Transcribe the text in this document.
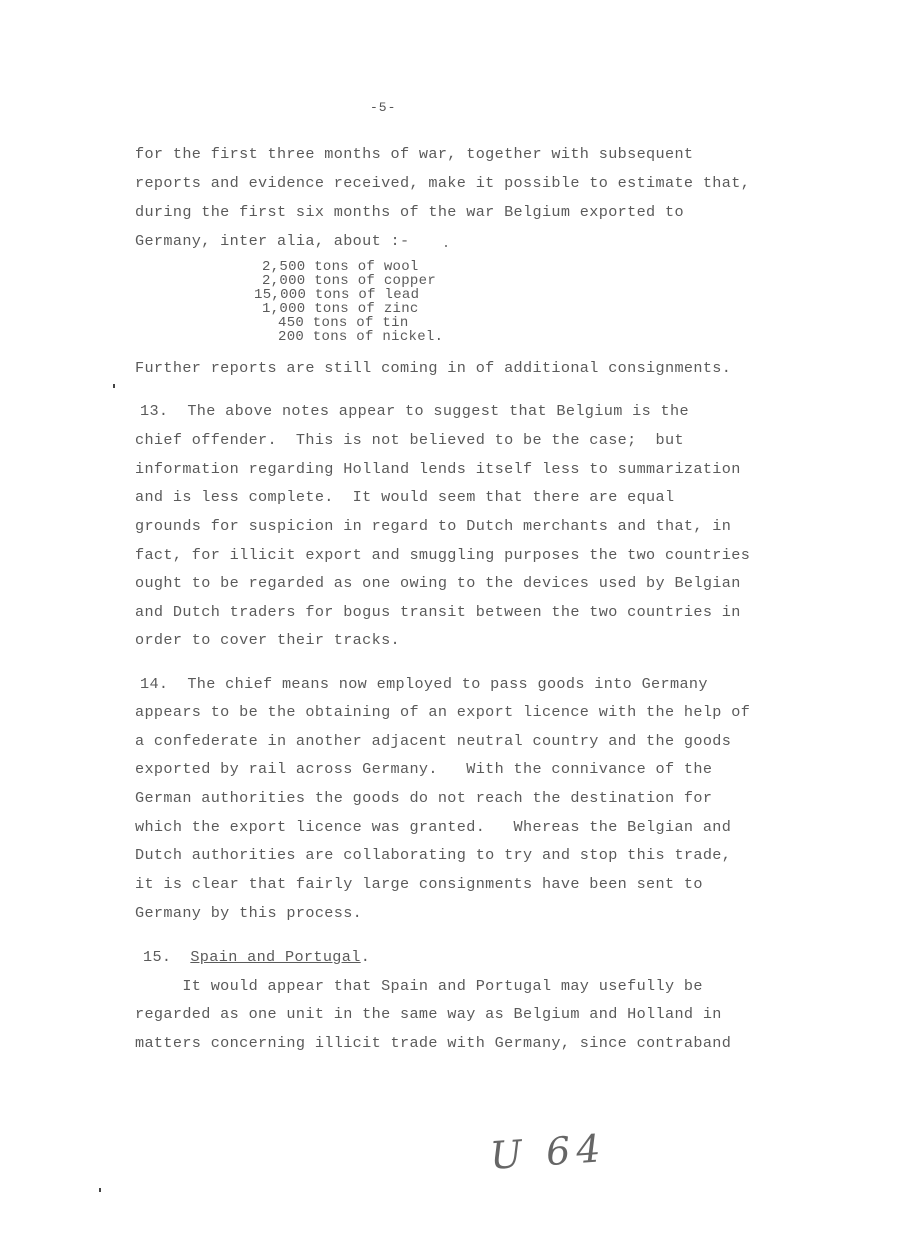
-5-
for the first three months of war, together with subsequent
reports and evidence received, make it possible to estimate that,
during the first six months of the war Belgium exported to
Germany, inter alia, about :-
2,500 tons of wool
2,000 tons of copper
15,000 tons of lead
1,000 tons of zinc
450 tons of tin
200 tons of nickel.
Further reports are still coming in of additional consignments.
13.  The above notes appear to suggest that Belgium is the
chief offender.  This is not believed to be the case;  but
information regarding Holland lends itself less to summarization
and is less complete.  It would seem that there are equal
grounds for suspicion in regard to Dutch merchants and that, in
fact, for illicit export and smuggling purposes the two countries
ought to be regarded as one owing to the devices used by Belgian
and Dutch traders for bogus transit between the two countries in
order to cover their tracks.
14.  The chief means now employed to pass goods into Germany
appears to be the obtaining of an export licence with the help of
a confederate in another adjacent neutral country and the goods
exported by rail across Germany.   With the connivance of the
German authorities the goods do not reach the destination for
which the export licence was granted.   Whereas the Belgian and
Dutch authorities are collaborating to try and stop this trade,
it is clear that fairly large consignments have been sent to
Germany by this process.
15. Spain and Portugal.
It would appear that Spain and Portugal may usefully be
regarded as one unit in the same way as Belgium and Holland in
matters concerning illicit trade with Germany, since contraband
U 64
